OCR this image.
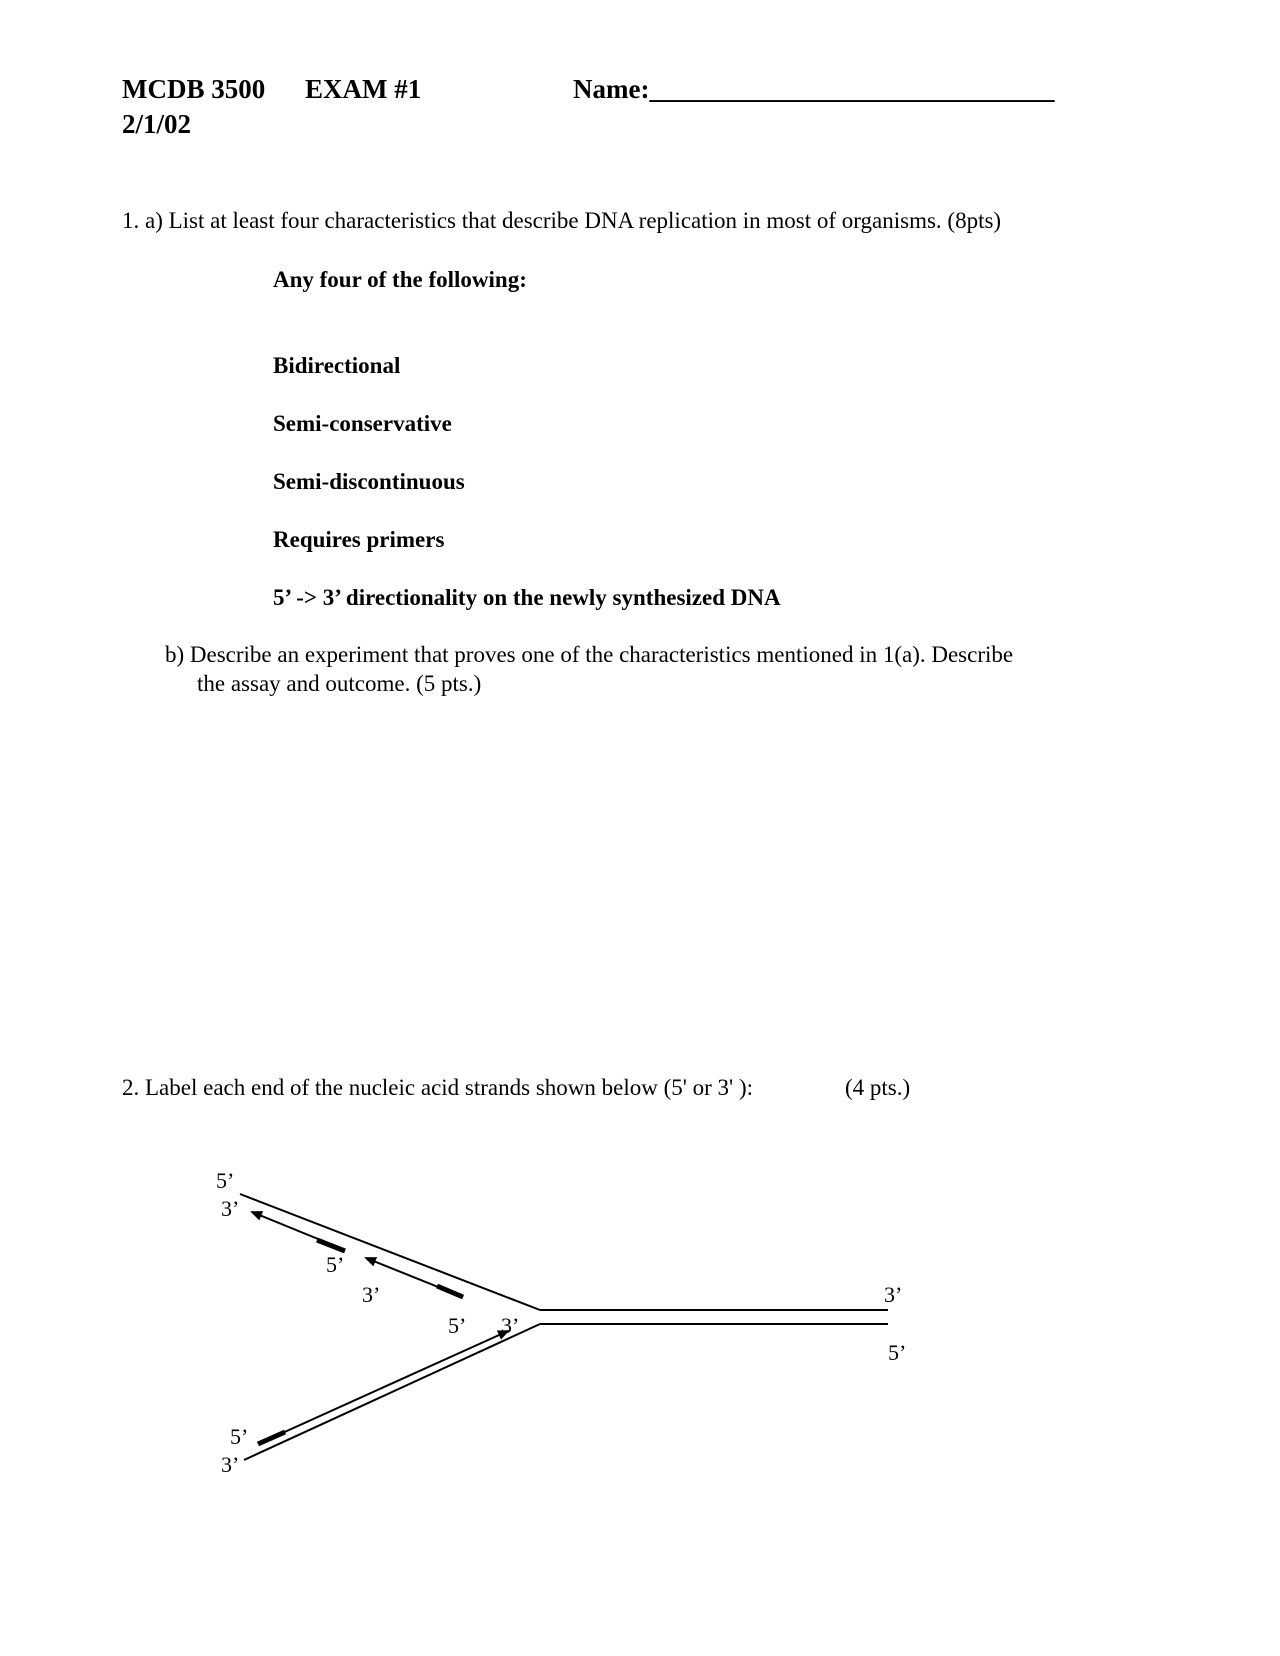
MCDB 3500 EXAM #1
2/1/02
Name:______________________________
1. a) List at least four characteristics that describe DNA replication in most of organisms. (8pts)
Any four of the following:
Bidirectional
Semi-conservative
Semi-discontinuous
Requires primers
5’ -> 3’ directionality on the newly synthesized DNA
b) Describe an experiment that proves one of the characteristics mentioned in 1(a). Describe
the assay and outcome. (5 pts.)
2. Label each end of the nucleic acid strands shown below (5' or 3' ):	(4 pts.)
5’
3’
5’
3’
5’ 3’
3’
5’
5’
3’
